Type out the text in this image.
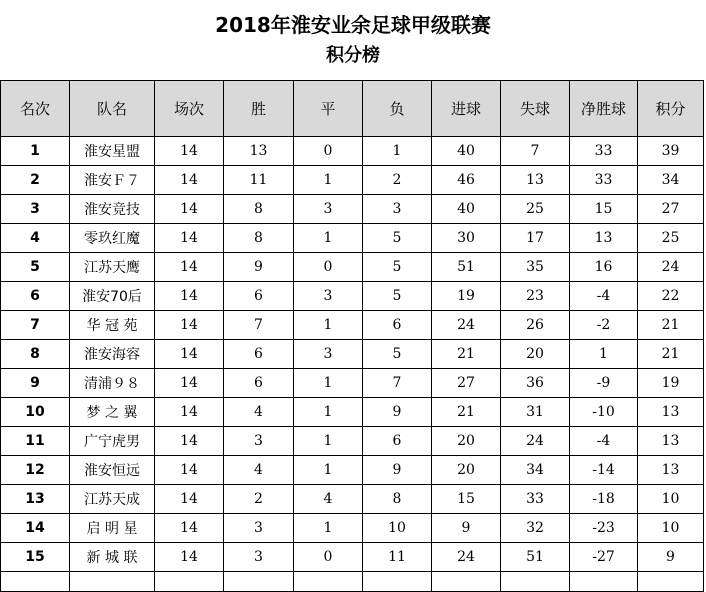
2018年淮安业余足球甲级联赛
积分榜
名次	队名	场次	胜	平	负	进球	失球	净胜球	积分
1	淮安星盟	14	13	0	1	40	7	33	39
2	淮安Ｆ７	14	11	1	2	46	13	33	34
3	淮安竞技	14	8	3	3	40	25	15	27
4	零玖红魔	14	8	1	5	30	17	13	25
5	江苏天鹰	14	9	0	5	51	35	16	24
6	淮安70后	14	6	3	5	19	23	-4	22
7	华 冠 苑	14	7	1	6	24	26	-2	21
8	淮安海容	14	6	3	5	21	20	1	21
9	清浦９８	14	6	1	7	27	36	-9	19
10	梦 之 翼	14	4	1	9	21	31	-10	13
11	广宁虎男	14	3	1	6	20	24	-4	13
12	淮安恒远	14	4	1	9	20	34	-14	13
13	江苏天成	14	2	4	8	15	33	-18	10
14	启 明 星	14	3	1	10	9	32	-23	10
15	新 城 联	14	3	0	11	24	51	-27	9
